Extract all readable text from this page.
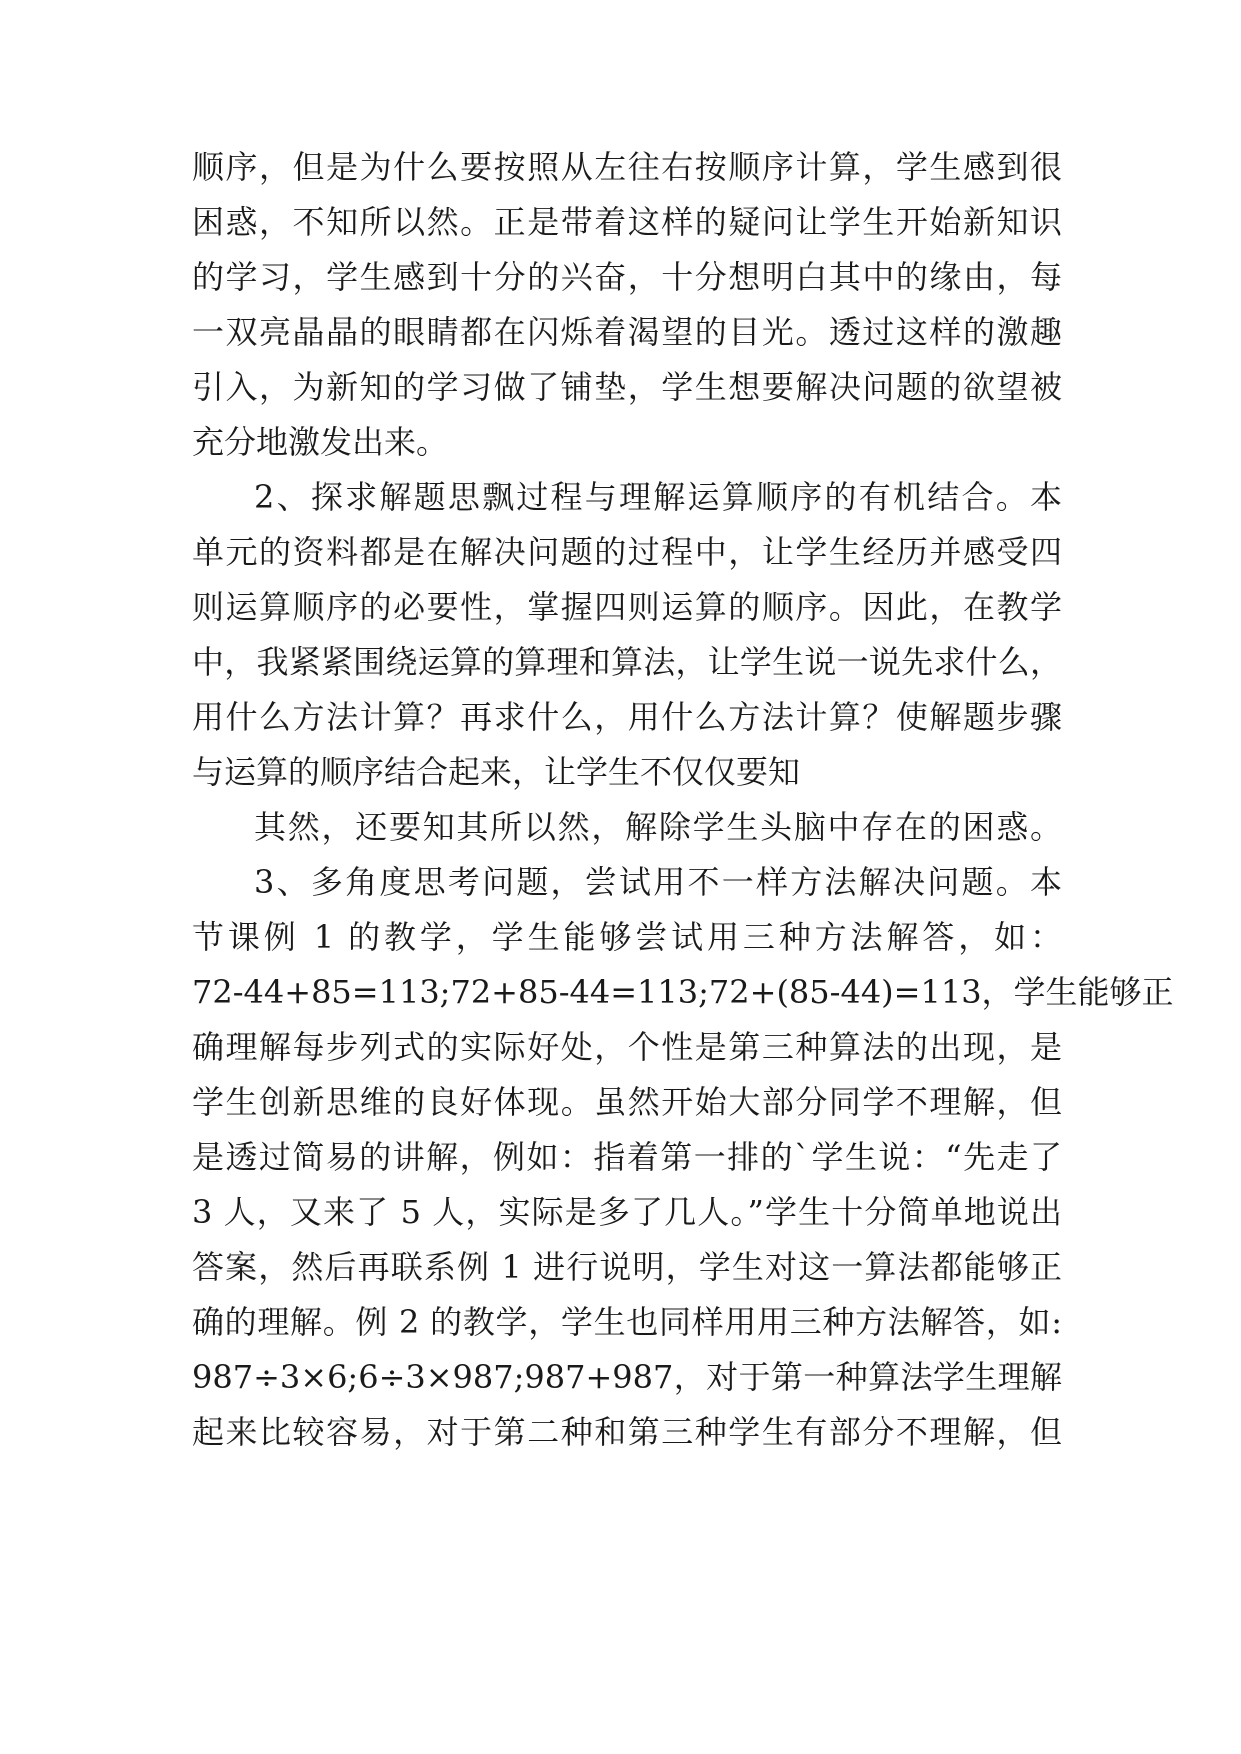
顺序，但是为什么要按照从左往右按顺序计算，学生感到很
困惑，不知所以然。正是带着这样的疑问让学生开始新知识
的学习，学生感到十分的兴奋，十分想明白其中的缘由，每
一双亮晶晶的眼睛都在闪烁着渴望的目光。透过这样的激趣
引入，为新知的学习做了铺垫，学生想要解决问题的欲望被
充分地激发出来。
2、探求解题思飘过程与理解运算顺序的有机结合。本
单元的资料都是在解决问题的过程中，让学生经历并感受四
则运算顺序的必要性，掌握四则运算的顺序。因此，在教学
中，我紧紧围绕运算的算理和算法，让学生说一说先求什么，
用什么方法计算？再求什么，用什么方法计算？使解题步骤
与运算的顺序结合起来，让学生不仅仅要知
其然，还要知其所以然，解除学生头脑中存在的困惑。
3、多角度思考问题，尝试用不一样方法解决问题。本
节课例 1 的教学，学生能够尝试用三种方法解答，如：
72-44+85=113;72+85-44=113;72+(85-44)=113，学生能够正
确理解每步列式的实际好处，个性是第三种算法的出现，是
学生创新思维的良好体现。虽然开始大部分同学不理解，但
是透过简易的讲解，例如：指着第一排的`学生说：“先走了
3 人，又来了 5 人，实际是多了几人。”学生十分简单地说出
答案，然后再联系例 1 进行说明，学生对这一算法都能够正
确的理解。例 2 的教学，学生也同样用用三种方法解答，如:
987÷3×6;6÷3×987;987+987，对于第一种算法学生理解
起来比较容易，对于第二种和第三种学生有部分不理解，但
